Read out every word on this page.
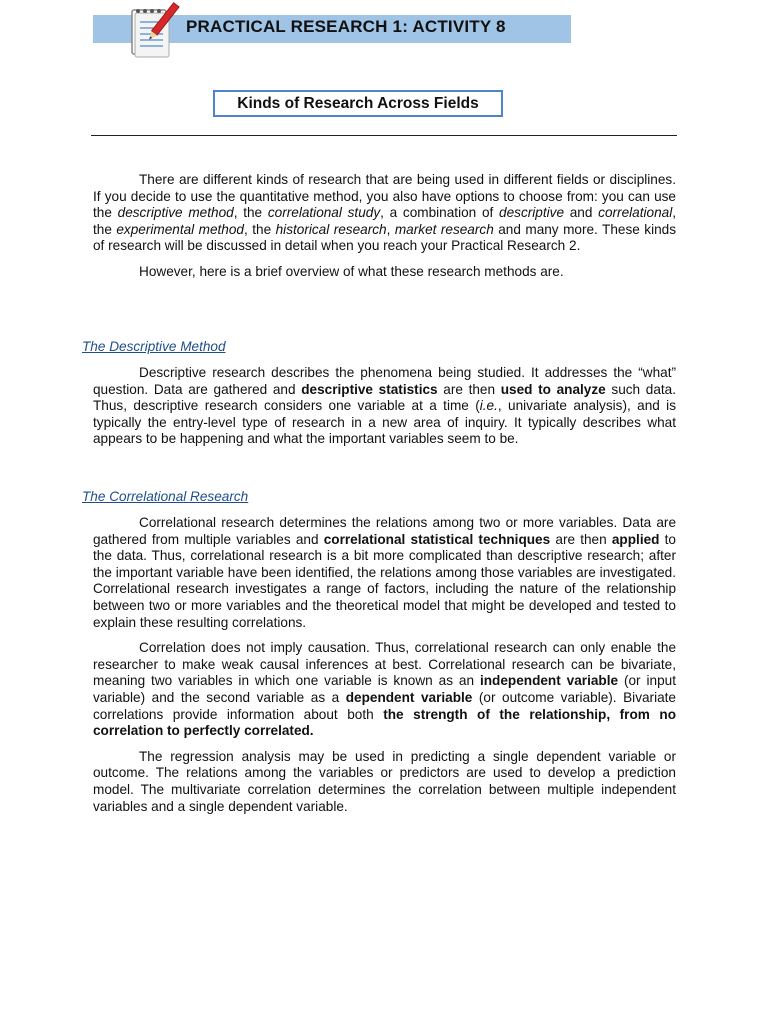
PRACTICAL RESEARCH 1: ACTIVITY 8
Kinds of Research Across Fields

There are different kinds of research that are being used in different fields or disciplines. If you decide to use the quantitative method, you also have options to choose from: you can use the descriptive method, the correlational study, a combination of descriptive and correlational, the experimental method, the historical research, market research and many more. These kinds of research will be discussed in detail when you reach your Practical Research 2.

However, here is a brief overview of what these research methods are.

The Descriptive Method

Descriptive research describes the phenomena being studied. It addresses the “what” question. Data are gathered and descriptive statistics are then used to analyze such data. Thus, descriptive research considers one variable at a time (i.e., univariate analysis), and is typically the entry-level type of research in a new area of inquiry. It typically describes what appears to be happening and what the important variables seem to be.

The Correlational Research

Correlational research determines the relations among two or more variables. Data are gathered from multiple variables and correlational statistical techniques are then applied to the data. Thus, correlational research is a bit more complicated than descriptive research; after the important variable have been identified, the relations among those variables are investigated. Correlational research investigates a range of factors, including the nature of the relationship between two or more variables and the theoretical model that might be developed and tested to explain these resulting correlations.

Correlation does not imply causation. Thus, correlational research can only enable the researcher to make weak causal inferences at best. Correlational research can be bivariate, meaning two variables in which one variable is known as an independent variable (or input variable) and the second variable as a dependent variable (or outcome variable). Bivariate correlations provide information about both the strength of the relationship, from no correlation to perfectly correlated.

The regression analysis may be used in predicting a single dependent variable or outcome. The relations among the variables or predictors are used to develop a prediction model. The multivariate correlation determines the correlation between multiple independent variables and a single dependent variable.
